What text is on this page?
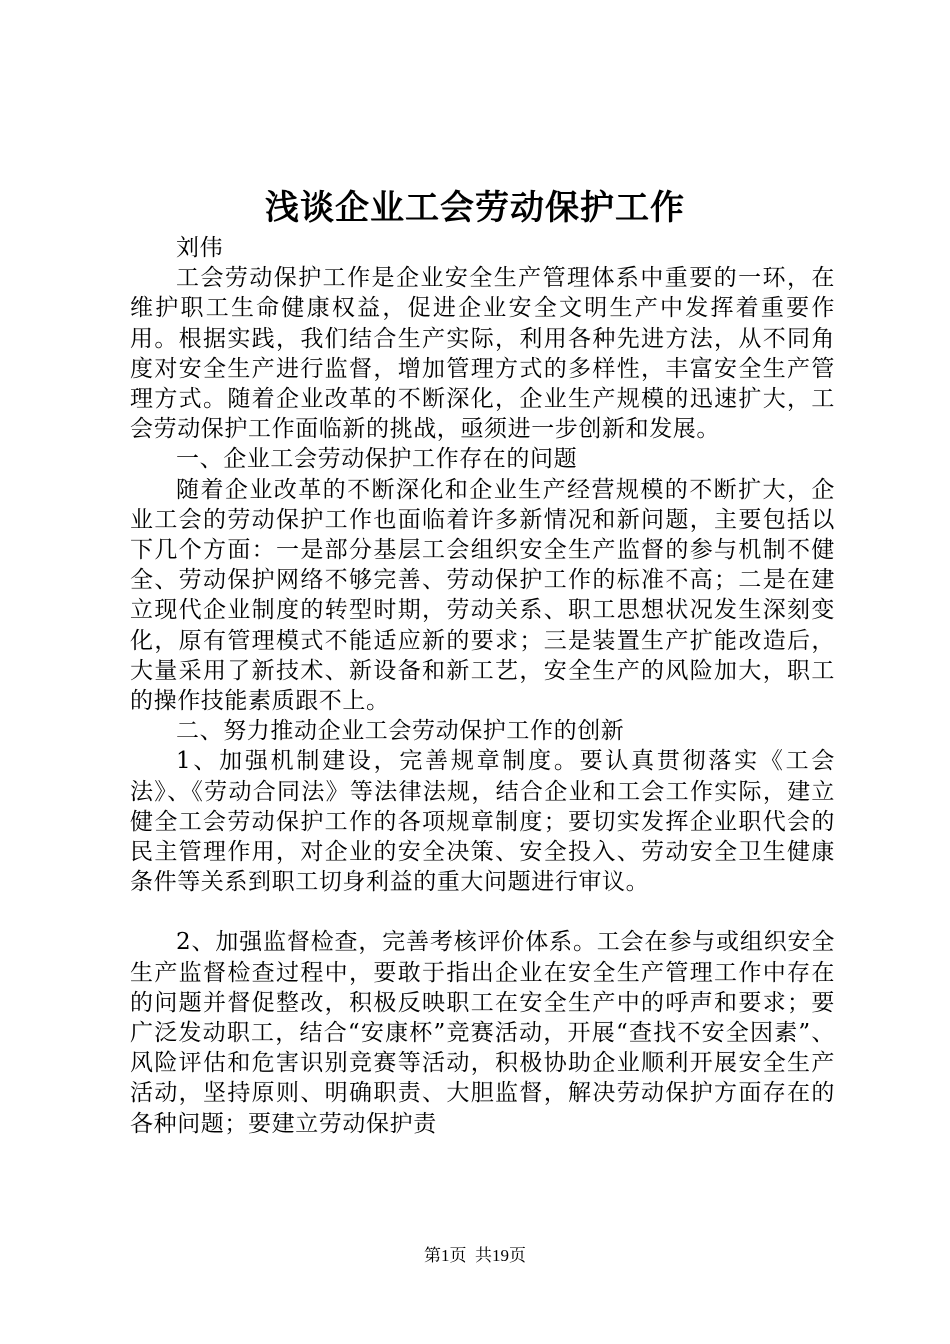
浅谈企业工会劳动保护工作

刘伟

工会劳动保护工作是企业安全生产管理体系中重要的一环，在维护职工生命健康权益，促进企业安全文明生产中发挥着重要作用。根据实践，我们结合生产实际，利用各种先进方法，从不同角度对安全生产进行监督，增加管理方式的多样性，丰富安全生产管理方式。随着企业改革的不断深化，企业生产规模的迅速扩大，工会劳动保护工作面临新的挑战，亟须进一步创新和发展。

一、企业工会劳动保护工作存在的问题

随着企业改革的不断深化和企业生产经营规模的不断扩大，企业工会的劳动保护工作也面临着许多新情况和新问题，主要包括以下几个方面：一是部分基层工会组织安全生产监督的参与机制不健全、劳动保护网络不够完善、劳动保护工作的标准不高；二是在建立现代企业制度的转型时期，劳动关系、职工思想状况发生深刻变化，原有管理模式不能适应新的要求；三是装置生产扩能改造后，大量采用了新技术、新设备和新工艺，安全生产的风险加大，职工的操作技能素质跟不上。

二、努力推动企业工会劳动保护工作的创新

1、加强机制建设，完善规章制度。要认真贯彻落实《工会法》、《劳动合同法》等法律法规，结合企业和工会工作实际，建立健全工会劳动保护工作的各项规章制度；要切实发挥企业职代会的民主管理作用，对企业的安全决策、安全投入、劳动安全卫生健康条件等关系到职工切身利益的重大问题进行审议。

2、加强监督检查，完善考核评价体系。工会在参与或组织安全生产监督检查过程中，要敢于指出企业在安全生产管理工作中存在的问题并督促整改，积极反映职工在安全生产中的呼声和要求；要广泛发动职工，结合“安康杯”竞赛活动，开展“查找不安全因素”、风险评估和危害识别竞赛等活动，积极协助企业顺利开展安全生产活动，坚持原则、明确职责、大胆监督，解决劳动保护方面存在的各种问题；要建立劳动保护责

第1页 共19页
